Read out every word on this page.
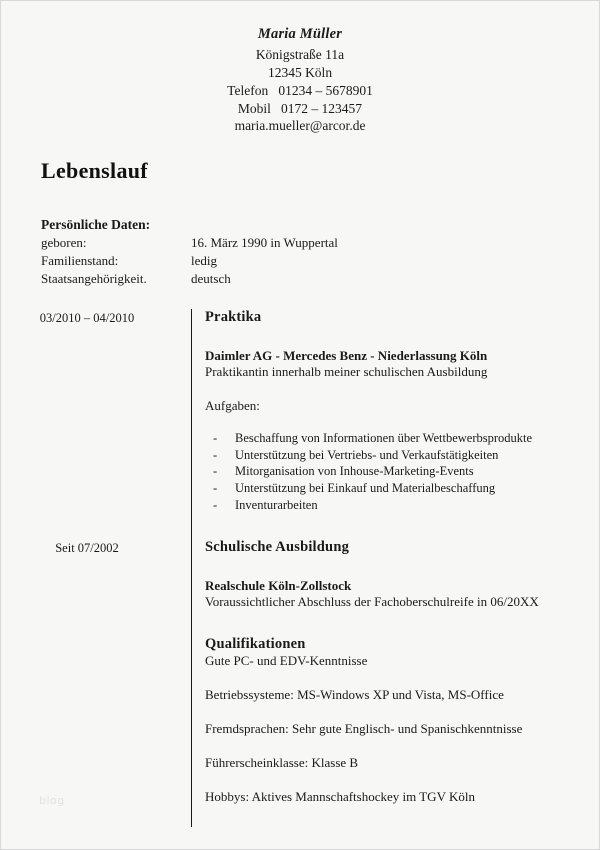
Maria Müller
Königstraße 11a
12345 Köln
Telefon   01234 – 5678901
Mobil   0172 – 123457
maria.mueller@arcor.de
Lebenslauf
Persönliche Daten:
geboren:	16. März 1990 in Wuppertal
Familienstand:	ledig
Staatsangehörigkeit.	deutsch
03/2010 – 04/2010	Praktika

Daimler AG - Mercedes Benz - Niederlassung Köln

Praktikantin innerhalb meiner schulischen Ausbildung

Aufgaben:

- Beschaffung von Informationen über Wettbewerbsprodukte
- Unterstützung bei Vertriebs- und Verkaufstätigkeiten
- Mitorganisation von Inhouse-Marketing-Events
- Unterstützung bei Einkauf und Materialbeschaffung
- Inventurarbeiten
Seit 07/2002	Schulische Ausbildung

Realschule Köln-Zollstock

Voraussichtlicher Abschluss der Fachoberschulreife in 06/20XX

Qualifikationen

Gute PC- und EDV-Kenntnisse

Betriebssysteme: MS-Windows XP und Vista, MS-Office

Fremdsprachen: Sehr gute Englisch- und Spanischkenntnisse

Führerscheinklasse: Klasse B

Hobbys: Aktives Mannschaftshockey im TGV Köln

blog
